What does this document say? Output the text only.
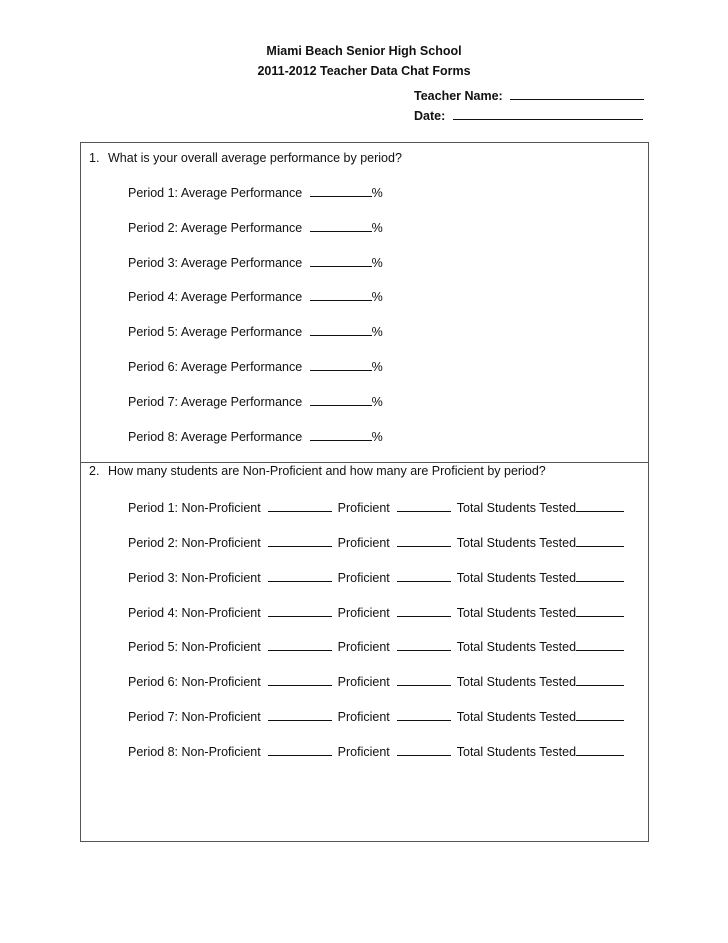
Miami Beach Senior High School
2011-2012 Teacher Data Chat Forms
Teacher Name:
Date:
1. What is your overall average performance by period?
Period 1: Average Performance	%
Period 2: Average Performance	%
Period 3: Average Performance	%
Period 4: Average Performance	%
Period 5: Average Performance	%
Period 6: Average Performance	%
Period 7: Average Performance	%
Period 8: Average Performance	%
2. How many students are Non-Proficient and how many are Proficient by period?
Period 1: Non-Proficient	Proficient	Total Students Tested
Period 2: Non-Proficient	Proficient	Total Students Tested
Period 3: Non-Proficient	Proficient	Total Students Tested
Period 4: Non-Proficient	Proficient	Total Students Tested
Period 5: Non-Proficient	Proficient	Total Students Tested
Period 6: Non-Proficient	Proficient	Total Students Tested
Period 7: Non-Proficient	Proficient	Total Students Tested
Period 8: Non-Proficient	Proficient	Total Students Tested
